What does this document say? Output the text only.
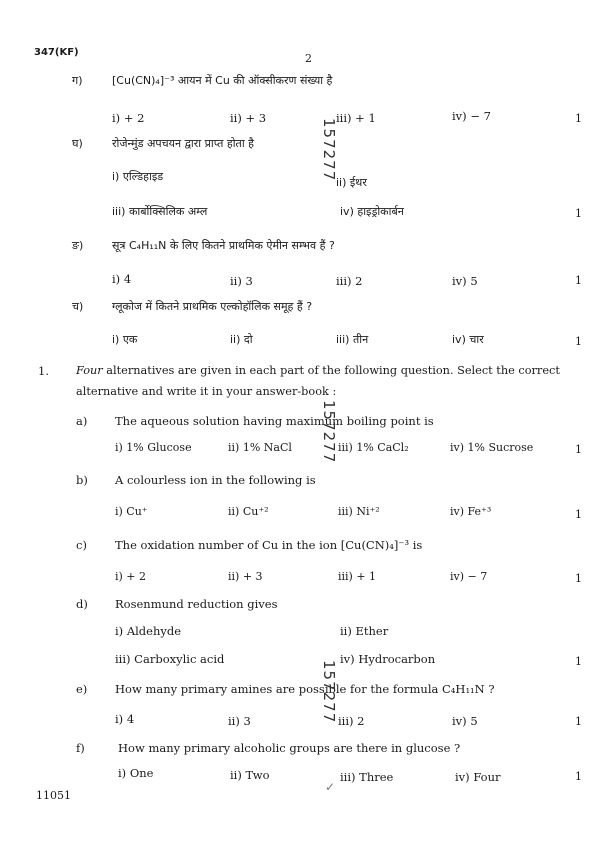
347(KF)	2
ग)	[Cu(CN)₄]⁻³ आयन में Cu की ऑक्सीकरण संख्या है
i) + 2	ii) + 3	iii) + 1	iv) − 7	1
घ)	रोजेन्मुंड अपचयन द्वारा प्राप्त होता है
i) एल्डिहाइड	ii) ईथर
iii) कार्बोक्सिलिक अम्ल	iv) हाइड्रोकार्बन	1
ङ)	सूत्र C₄H₁₁N के लिए कितने प्राथमिक ऐमीन सम्भव हैं ?
i) 4	ii) 3	iii) 2	iv) 5	1
च)	ग्लूकोज में कितने प्राथमिक एल्कोहॉलिक समूह हैं ?
i) एक	ii) दो	iii) तीन	iv) चार	1
1. Four alternatives are given in each part of the following question. Select the correct
alternative and write it in your answer-book :
a) The aqueous solution having maximum boiling point is
i) 1% Glucose	ii) 1% NaCl	iii) 1% CaCl₂	iv) 1% Sucrose	1
b) A colourless ion in the following is
i) Cu⁺	ii) Cu⁺²	iii) Ni⁺²	iv) Fe⁺³	1
c) The oxidation number of Cu in the ion [Cu(CN)₄]⁻³ is
i) + 2	ii) + 3	iii) + 1	iv) − 7	1
d) Rosenmund reduction gives
i) Aldehyde	ii) Ether
iii) Carboxylic acid	iv) Hydrocarbon	1
e) How many primary amines are possible for the formula C₄H₁₁N ?
i) 4	ii) 3	iii) 2	iv) 5	1
f)	How many primary alcoholic groups are there in glucose ?
i) One	ii) Two	iii) Three	iv) Four	1
157277
157277
157277
✓
11051
